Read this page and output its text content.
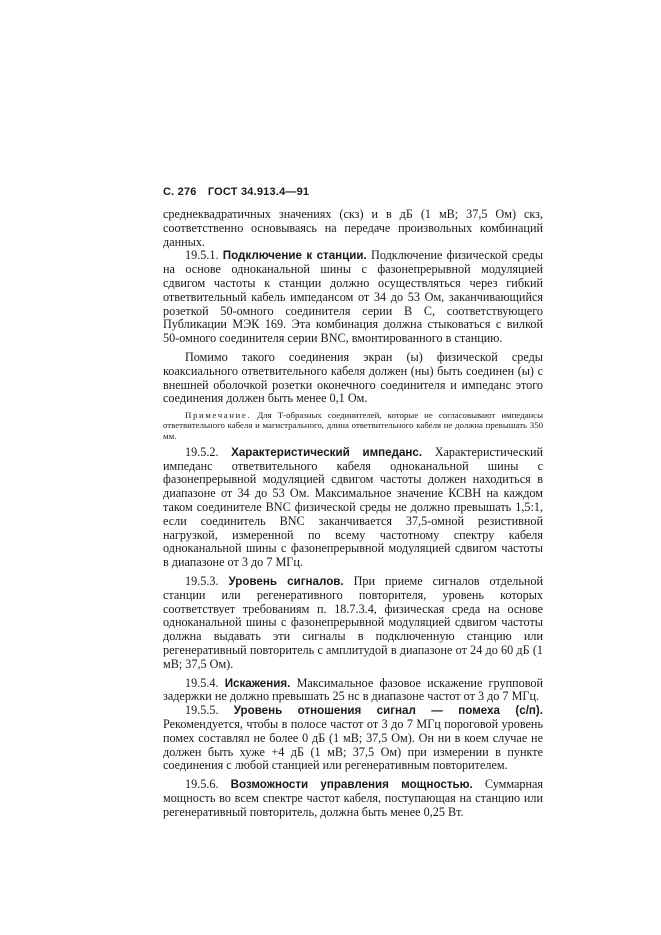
С. 276 ГОСТ 34.913.4—91

среднеквадратичных значениях (скз) и в дБ (1 мВ; 37,5 Ом) скз, соответственно основываясь на передаче произвольных комбинаций данных.

19.5.1. Подключение к станции. Подключение физической среды на основе одноканальной шины с фазонепрерывной модуляцией сдвигом частоты к станции должно осуществляться через гибкий ответвительный кабель импедансом от 34 до 53 Ом, заканчивающийся розеткой 50-омного соединителя серии В С, соответствующего Публикации МЭК 169. Эта комбинация должна стыковаться с вилкой 50-омного соединителя серии BNC, вмонтированного в станцию.

Помимо такого соединения экран (ы) физической среды коаксиального ответвительного кабеля должен (ны) быть соединен (ы) с внешней оболочкой розетки оконечного соединителя и импеданс этого соединения должен быть менее 0,1 Ом.

Примечание. Для Т-образных соединителей, которые не согласовывают импедансы ответвительного кабеля и магистрального, длина ответвительного кабеля не должна превышать 350 мм.

19.5.2. Характеристический импеданс. Характеристический импеданс ответвительного кабеля одноканальной шины с фазонепрерывной модуляцией сдвигом частоты должен находиться в диапазоне от 34 до 53 Ом. Максимальное значение КСВН на каждом таком соединителе BNC физической среды не должно превышать 1,5:1, если соединитель BNC заканчивается 37,5-омной резистивной нагрузкой, измеренной по всему частотному спектру кабеля одноканальной шины с фазонепрерывной модуляцией сдвигом частоты в диапазоне от 3 до 7 МГц.

19.5.3. Уровень сигналов. При приеме сигналов отдельной станции или регенеративного повторителя, уровень которых соответствует требованиям п. 18.7.3.4, физическая среда на основе одноканальной шины с фазонепрерывной модуляцией сдвигом частоты должна выдавать эти сигналы в подключенную станцию или регенеративный повторитель с амплитудой в диапазоне от 24 до 60 дБ (1 мВ; 37,5 Ом).

19.5.4. Искажения. Максимальное фазовое искажение групповой задержки не должно превышать 25 нс в диапазоне частот от 3 до 7 МГц.

19.5.5. Уровень отношения сигнал — помеха (с/п). Рекомендуется, чтобы в полосе частот от 3 до 7 МГц пороговой уровень помех составлял не более 0 дБ (1 мВ; 37,5 Ом). Он ни в коем случае не должен быть хуже +4 дБ (1 мВ; 37,5 Ом) при измерении в пункте соединения с любой станцией или регенеративным повторителем.

19.5.6. Возможности управления мощностью. Суммарная мощность во всем спектре частот кабеля, поступающая на станцию или регенеративный повторитель, должна быть менее 0,25 Вт.
